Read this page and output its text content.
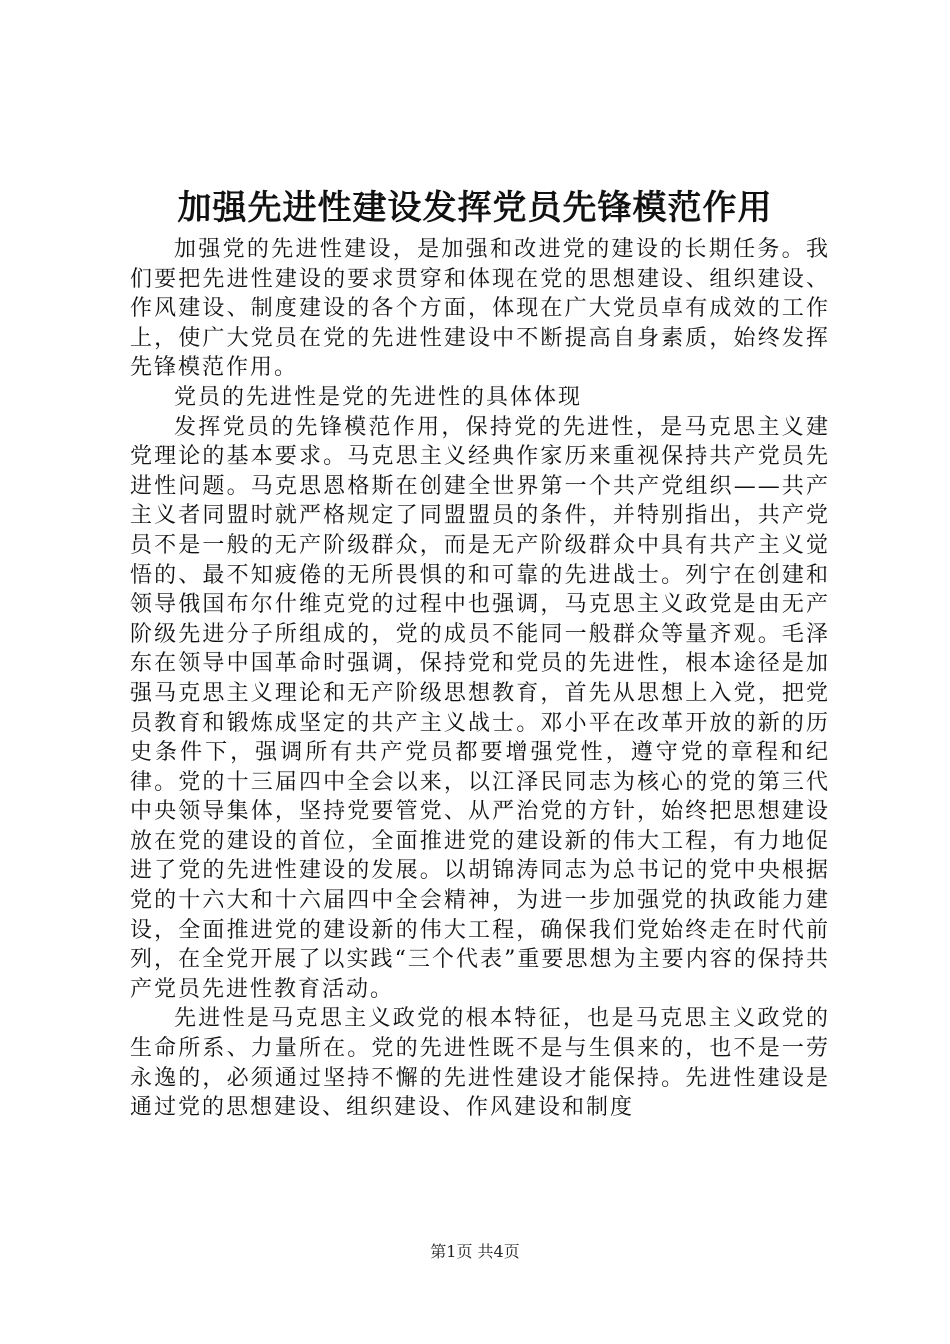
加强先进性建设发挥党员先锋模范作用

加强党的先进性建设，是加强和改进党的建设的长期任务。我们要把先进性建设的要求贯穿和体现在党的思想建设、组织建设、作风建设、制度建设的各个方面，体现在广大党员卓有成效的工作上，使广大党员在党的先进性建设中不断提高自身素质，始终发挥先锋模范作用。

党员的先进性是党的先进性的具体体现

发挥党员的先锋模范作用，保持党的先进性，是马克思主义建党理论的基本要求。马克思主义经典作家历来重视保持共产党员先进性问题。马克思恩格斯在创建全世界第一个共产党组织——共产主义者同盟时就严格规定了同盟盟员的条件，并特别指出，共产党员不是一般的无产阶级群众，而是无产阶级群众中具有共产主义觉悟的、最不知疲倦的无所畏惧的和可靠的先进战士。列宁在创建和领导俄国布尔什维克党的过程中也强调，马克思主义政党是由无产阶级先进分子所组成的，党的成员不能同一般群众等量齐观。毛泽东在领导中国革命时强调，保持党和党员的先进性，根本途径是加强马克思主义理论和无产阶级思想教育，首先从思想上入党，把党员教育和锻炼成坚定的共产主义战士。邓小平在改革开放的新的历史条件下，强调所有共产党员都要增强党性，遵守党的章程和纪律。党的十三届四中全会以来，以江泽民同志为核心的党的第三代中央领导集体，坚持党要管党、从严治党的方针，始终把思想建设放在党的建设的首位，全面推进党的建设新的伟大工程，有力地促进了党的先进性建设的发展。以胡锦涛同志为总书记的党中央根据党的十六大和十六届四中全会精神，为进一步加强党的执政能力建设，全面推进党的建设新的伟大工程，确保我们党始终走在时代前列，在全党开展了以实践“三个代表”重要思想为主要内容的保持共产党员先进性教育活动。

先进性是马克思主义政党的根本特征，也是马克思主义政党的生命所系、力量所在。党的先进性既不是与生俱来的，也不是一劳永逸的，必须通过坚持不懈的先进性建设才能保持。先进性建设是通过党的思想建设、组织建设、作风建设和制度

第1页 共4页
